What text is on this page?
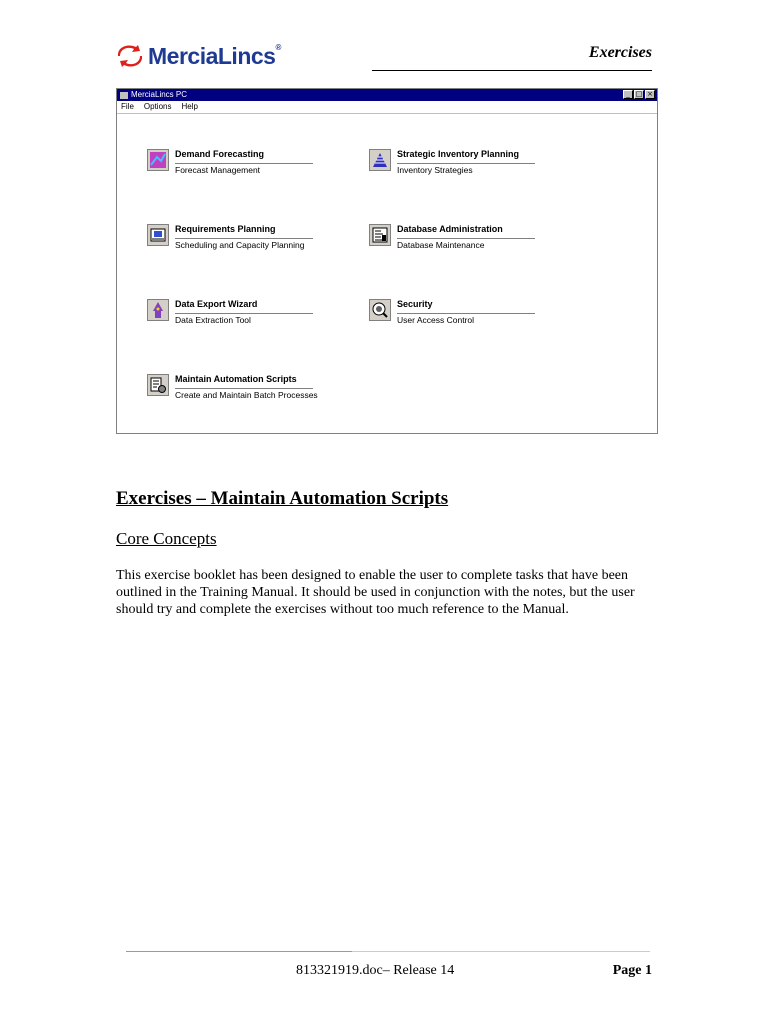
MerciaLincs®	Exercises
MerciaLincs PC	_ □ ×
File Options Help
Demand Forecasting
Forecast Management
Strategic Inventory Planning
Inventory Strategies
Requirements Planning
Scheduling and Capacity Planning
Database Administration
Database Maintenance
Data Export Wizard
Data Extraction Tool
Security
User Access Control
Maintain Automation Scripts
Create and Maintain Batch Processes
Exercises – Maintain Automation Scripts
Core Concepts
This exercise booklet has been designed to enable the user to complete tasks that have been outlined in the Training Manual. It should be used in conjunction with the notes, but the user should try and complete the exercises without too much reference to the Manual.
813321919.doc– Release 14	Page 1
